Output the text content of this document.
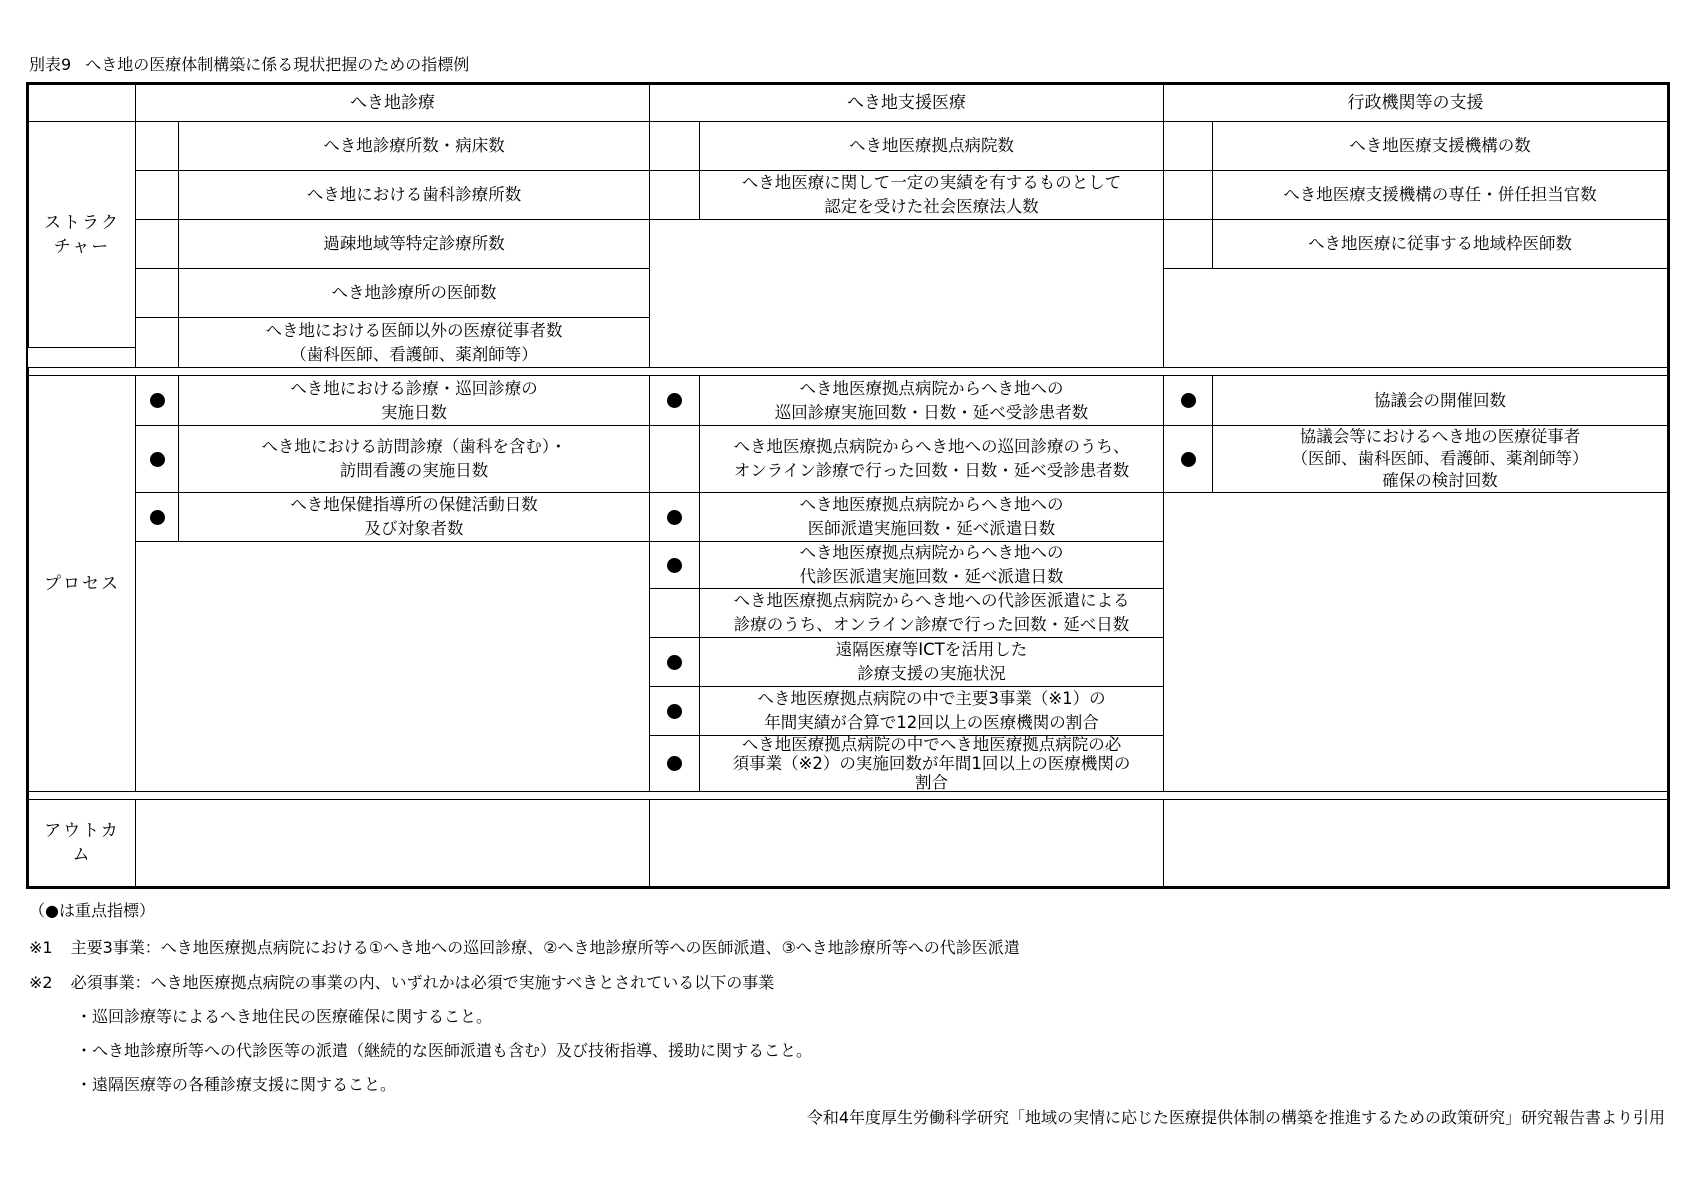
別表9 へき地の医療体制構築に係る現状把握のための指標例
へき地診療	へき地支援医療	行政機関等の支援
ストラク
チャー
へき地診療所数・病床数
へき地における歯科診療所数
過疎地域等特定診療所数
へき地診療所の医師数
へき地における医師以外の医療従事者数
（歯科医師、看護師、薬剤師等）
へき地医療拠点病院数
へき地医療に関して一定の実績を有するものとして
認定を受けた社会医療法人数
へき地医療支援機構の数
へき地医療支援機構の専任・併任担当官数
へき地医療に従事する地域枠医師数
プロセス
へき地における診療・巡回診療の
実施日数
へき地における訪問診療（歯科を含む）・
訪問看護の実施日数
へき地保健指導所の保健活動日数
及び対象者数
へき地医療拠点病院からへき地への
巡回診療実施回数・日数・延べ受診患者数
へき地医療拠点病院からへき地への巡回診療のうち、
オンライン診療で行った回数・日数・延べ受診患者数
へき地医療拠点病院からへき地への
医師派遣実施回数・延べ派遣日数
へき地医療拠点病院からへき地への
代診医派遣実施回数・延べ派遣日数
へき地医療拠点病院からへき地への代診医派遣による
診療のうち、オンライン診療で行った回数・延べ日数
遠隔医療等ICTを活用した
診療支援の実施状況
へき地医療拠点病院の中で主要3事業（※1）の
年間実績が合算で12回以上の医療機関の割合
へき地医療拠点病院の中でへき地医療拠点病院の必
須事業（※2）の実施回数が年間1回以上の医療機関の
割合
協議会の開催回数
協議会等におけるへき地の医療従事者
（医師、歯科医師、看護師、薬剤師等）
確保の検討回数
アウトカ
ム
（●は重点指標）
※1 主要3事業：へき地医療拠点病院における①へき地への巡回診療、②へき地診療所等への医師派遣、③へき地診療所等への代診医派遣
※2 必須事業：へき地医療拠点病院の事業の内、いずれかは必須で実施すべきとされている以下の事業
・巡回診療等によるへき地住民の医療確保に関すること。
・へき地診療所等への代診医等の派遣（継続的な医師派遣も含む）及び技術指導、援助に関すること。
・遠隔医療等の各種診療支援に関すること。
令和4年度厚生労働科学研究「地域の実情に応じた医療提供体制の構築を推進するための政策研究」研究報告書より引用
